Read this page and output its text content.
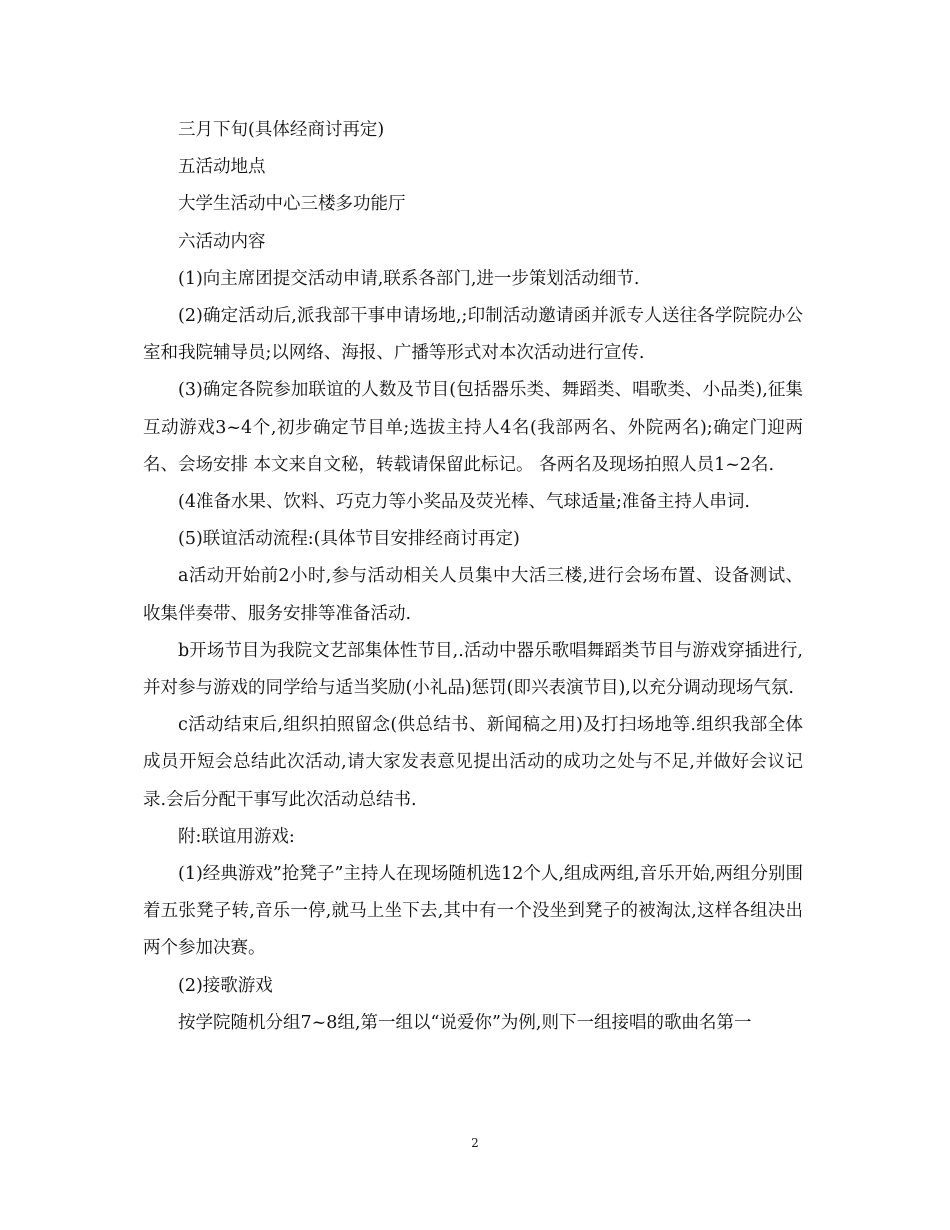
三月下旬(具体经商讨再定)

五活动地点

大学生活动中心三楼多功能厅

六活动内容

(1)向主席团提交活动申请,联系各部门,进一步策划活动细节.

(2)确定活动后,派我部干事申请场地,;印制活动邀请函并派专人送往各学院院办公室和我院辅导员;以网络、海报、广播等形式对本次活动进行宣传.

(3)确定各院参加联谊的人数及节目(包括器乐类、舞蹈类、唱歌类、小品类),征集互动游戏3~4个,初步确定节目单;选拔主持人4名(我部两名、外院两名);确定门迎两名、会场安排 本文来自文秘，转载请保留此标记。 各两名及现场拍照人员1~2名.

(4准备水果、饮料、巧克力等小奖品及荧光棒、气球适量;准备主持人串词.

(5)联谊活动流程:(具体节目安排经商讨再定)

a活动开始前2小时,参与活动相关人员集中大活三楼,进行会场布置、设备测试、收集伴奏带、服务安排等准备活动.

b开场节目为我院文艺部集体性节目,.活动中器乐歌唱舞蹈类节目与游戏穿插进行,并对参与游戏的同学给与适当奖励(小礼品)惩罚(即兴表演节目),以充分调动现场气氛.

c活动结束后,组织拍照留念(供总结书、新闻稿之用)及打扫场地等.组织我部全体成员开短会总结此次活动,请大家发表意见提出活动的成功之处与不足,并做好会议记录.会后分配干事写此次活动总结书.

附:联谊用游戏:

(1)经典游戏”抢凳子”主持人在现场随机选12个人,组成两组,音乐开始,两组分别围着五张凳子转,音乐一停,就马上坐下去,其中有一个没坐到凳子的被淘汰,这样各组决出两个参加决赛。

(2)接歌游戏

按学院随机分组7~8组,第一组以“说爱你”为例,则下一组接唱的歌曲名第一

2
